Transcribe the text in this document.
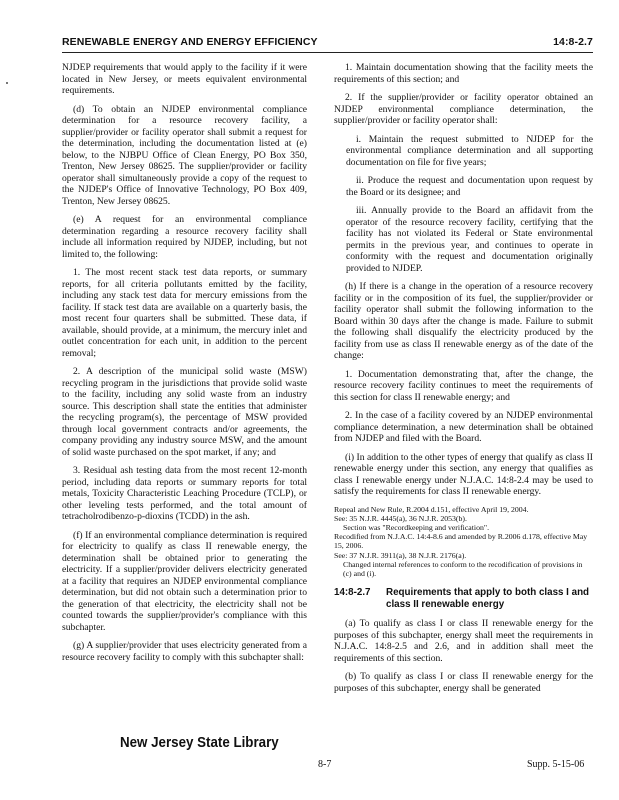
RENEWABLE ENERGY AND ENERGY EFFICIENCY	14:8-2.7

NJDEP requirements that would apply to the facility if it were located in New Jersey, or meets equivalent environmental requirements.

(d) To obtain an NJDEP environmental compliance determination for a resource recovery facility, a supplier/provider or facility operator shall submit a request for the determination, including the documentation listed at (e) below, to the NJBPU Office of Clean Energy, PO Box 350, Trenton, New Jersey 08625. The supplier/provider or facility operator shall simultaneously provide a copy of the request to the NJDEP's Office of Innovative Technology, PO Box 409, Trenton, New Jersey 08625.

(e) A request for an environmental compliance determination regarding a resource recovery facility shall include all information required by NJDEP, including, but not limited to, the following:

1. The most recent stack test data reports, or summary reports, for all criteria pollutants emitted by the facility, including any stack test data for mercury emissions from the facility. If stack test data are available on a quarterly basis, the most recent four quarters shall be submitted. These data, if available, should provide, at a minimum, the mercury inlet and outlet concentration for each unit, in addition to the percent removal;

2. A description of the municipal solid waste (MSW) recycling program in the jurisdictions that provide solid waste to the facility, including any solid waste from an industry source. This description shall state the entities that administer the recycling program(s), the percentage of MSW provided through local government contracts and/or agreements, the company providing any industry source MSW, and the amount of solid waste purchased on the spot market, if any; and

3. Residual ash testing data from the most recent 12-month period, including data reports or summary reports for total metals, Toxicity Characteristic Leaching Procedure (TCLP), or other leveling tests performed, and the total amount of tetracholrodibenzo-p-dioxins (TCDD) in the ash.

(f) If an environmental compliance determination is required for electricity to qualify as class II renewable energy, the determination shall be obtained prior to generating the electricity. If a supplier/provider delivers electricity generated at a facility that requires an NJDEP environmental compliance determination, but did not obtain such a determination prior to the generation of that electricity, the electricity shall not be counted towards the supplier/provider's compliance with this subchapter.

(g) A supplier/provider that uses electricity generated from a resource recovery facility to comply with this subchapter shall:

1. Maintain documentation showing that the facility meets the requirements of this section; and

2. If the supplier/provider or facility operator obtained an NJDEP environmental compliance determination, the supplier/provider or facility operator shall:

i. Maintain the request submitted to NJDEP for the environmental compliance determination and all supporting documentation on file for five years;

ii. Produce the request and documentation upon request by the Board or its designee; and

iii. Annually provide to the Board an affidavit from the operator of the resource recovery facility, certifying that the facility has not violated its Federal or State environmental permits in the previous year, and continues to operate in conformity with the request and documentation originally provided to NJDEP.

(h) If there is a change in the operation of a resource recovery facility or in the composition of its fuel, the supplier/provider or facility operator shall submit the following information to the Board within 30 days after the change is made. Failure to submit the following shall disqualify the electricity produced by the facility from use as class II renewable energy as of the date of the change:

1. Documentation demonstrating that, after the change, the resource recovery facility continues to meet the requirements of this section for class II renewable energy; and

2. In the case of a facility covered by an NJDEP environmental compliance determination, a new determination shall be obtained from NJDEP and filed with the Board.

(i) In addition to the other types of energy that qualify as class II renewable energy under this section, any energy that qualifies as class I renewable energy under N.J.A.C. 14:8-2.4 may be used to satisfy the requirements for class II renewable energy.

Repeal and New Rule, R.2004 d.151, effective April 19, 2004.
See: 35 N.J.R. 4445(a), 36 N.J.R. 2053(b).
Section was "Recordkeeping and verification".
Recodified from N.J.A.C. 14:4-8.6 and amended by R.2006 d.178, effective May 15, 2006.
See: 37 N.J.R. 3911(a), 38 N.J.R. 2176(a).
Changed internal references to conform to the recodification of provisions in (c) and (i).
14:8-2.7	Requirements that apply to both class I and class II renewable energy

(a) To qualify as class I or class II renewable energy for the purposes of this subchapter, energy shall meet the requirements in N.J.A.C. 14:8-2.5 and 2.6, and in addition shall meet the requirements of this section.

(b) To qualify as class I or class II renewable energy for the purposes of this subchapter, energy shall be generated

New Jersey State Library
8-7	Supp. 5-15-06
